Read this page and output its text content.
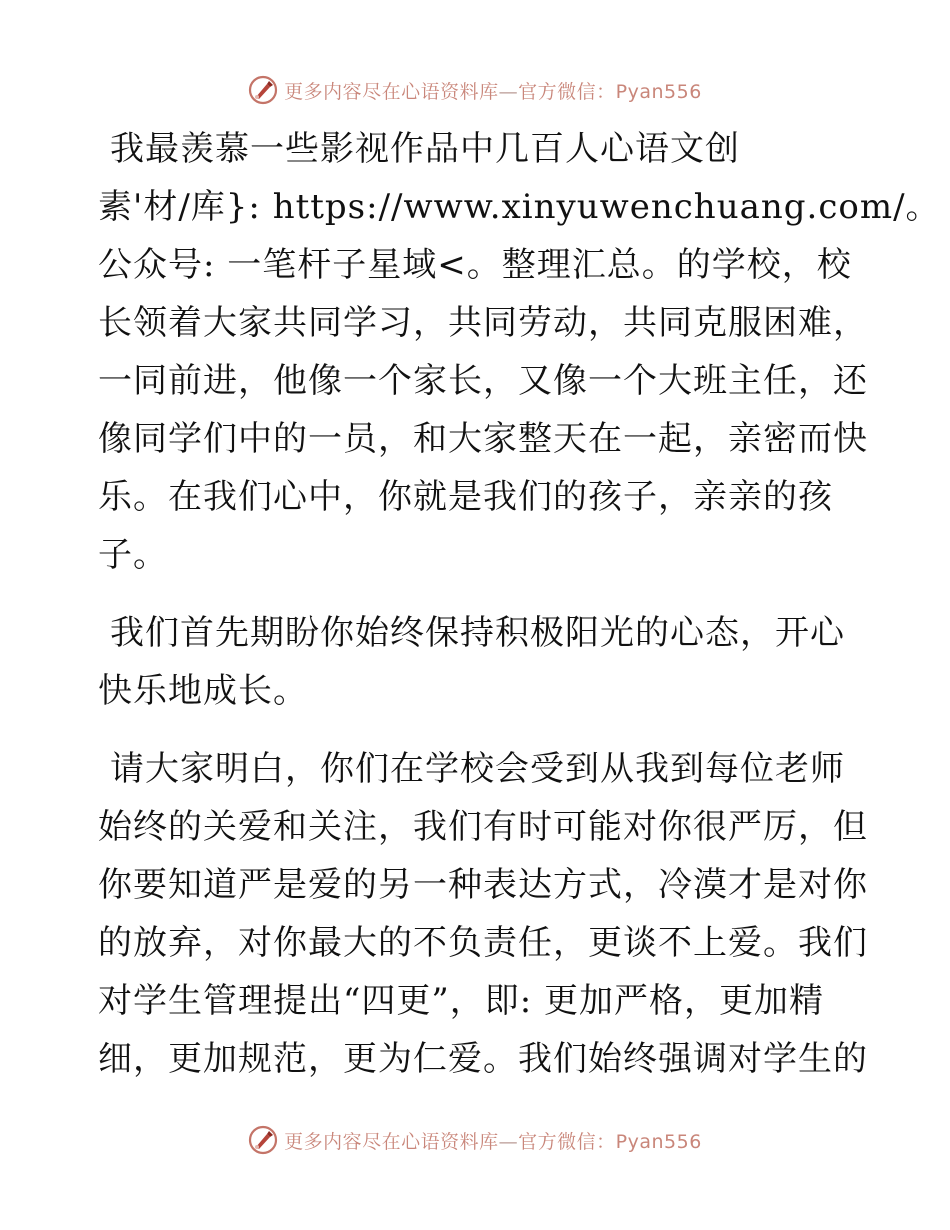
更多内容尽在心语资料库—官方微信：Pyan556
我最羡慕一些影视作品中几百人心语文创
素'材/库}: https://www.xinyuwenchuang.com/。
公众号: 一笔杆子星域<。整理汇总。的学校，校
长领着大家共同学习，共同劳动，共同克服困难，
一同前进，他像一个家长，又像一个大班主任，还
像同学们中的一员，和大家整天在一起，亲密而快
乐。在我们心中，你就是我们的孩子，亲亲的孩
子。
我们首先期盼你始终保持积极阳光的心态，开心
快乐地成长。
请大家明白，你们在学校会受到从我到每位老师
始终的关爱和关注，我们有时可能对你很严厉，但
你要知道严是爱的另一种表达方式，冷漠才是对你
的放弃，对你最大的不负责任，更谈不上爱。我们
对学生管理提出“四更”，即: 更加严格，更加精
细，更加规范，更为仁爱。我们始终强调对学生的
更多内容尽在心语资料库—官方微信：Pyan556
